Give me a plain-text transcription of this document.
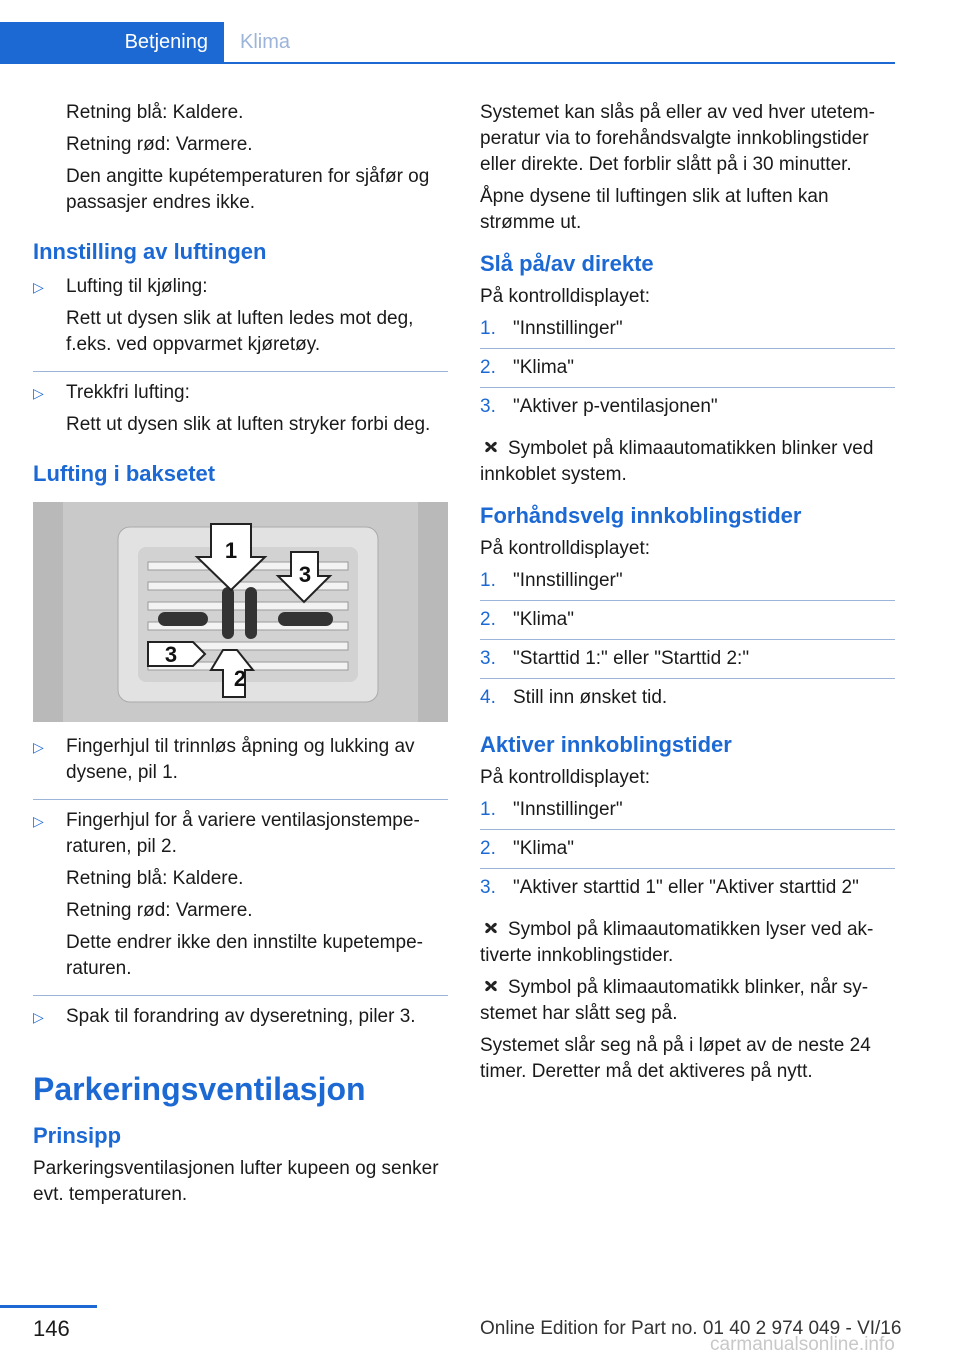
Betjening	Klima

Retning blå: Kaldere.

Retning rød: Varmere.

Den angitte kupétemperaturen for sjåfør og passasjer endres ikke.

Innstilling av luftingen
▷ Lufting til kjøling:

Rett ut dysen slik at luften ledes mot deg, f.eks. ved oppvarmet kjøretøy.

▷ Trekkfri lufting:

Rett ut dysen slik at luften stryker forbi deg.

Lufting i baksetet
1
2
3
3
▷ Fingerhjul til trinnløs åpning og lukking av dysene, pil 1.

▷ Fingerhjul for å variere ventilasjonstemperaturen, pil 2.

Retning blå: Kaldere.

Retning rød: Varmere.

Dette endrer ikke den innstilte kupetemperaturen.

▷ Spak til forandring av dyseretning, piler 3.

Parkeringsventilasjon
Prinsipp

Parkeringsventilasjonen lufter kupeen og senker evt. temperaturen.

Systemet kan slås på eller av ved hver utetemperatur via to forehåndsvalgte innkoblingstider eller direkte. Det forblir slått på i 30 minutter.

Åpne dysene til luftingen slik at luften kan strømme ut.

Slå på/av direkte

På kontrolldisplayet:

1. "Innstillinger"
2. "Klima"
3. "Aktiver p-ventilasjonen"

Symbolet på klimaautomatikken blinker ved innkoblet system.

Forhåndsvelg innkoblingstider

På kontrolldisplayet:

1. "Innstillinger"
2. "Klima"
3. "Starttid 1:" eller "Starttid 2:"
4. Still inn ønsket tid.
Aktiver innkoblingstider

På kontrolldisplayet:

1. "Innstillinger"
2. "Klima"
3. "Aktiver starttid 1" eller "Aktiver starttid 2"

Symbol på klimaautomatikken lyser ved aktiverte innkoblingstider.

Symbol på klimaautomatikk blinker, når systemet har slått seg på.

Systemet slår seg nå på i løpet av de neste 24 timer. Deretter må det aktiveres på nytt.

146	Online Edition for Part no. 01 40 2 974 049 - VI/16
carmanualsonline.info
